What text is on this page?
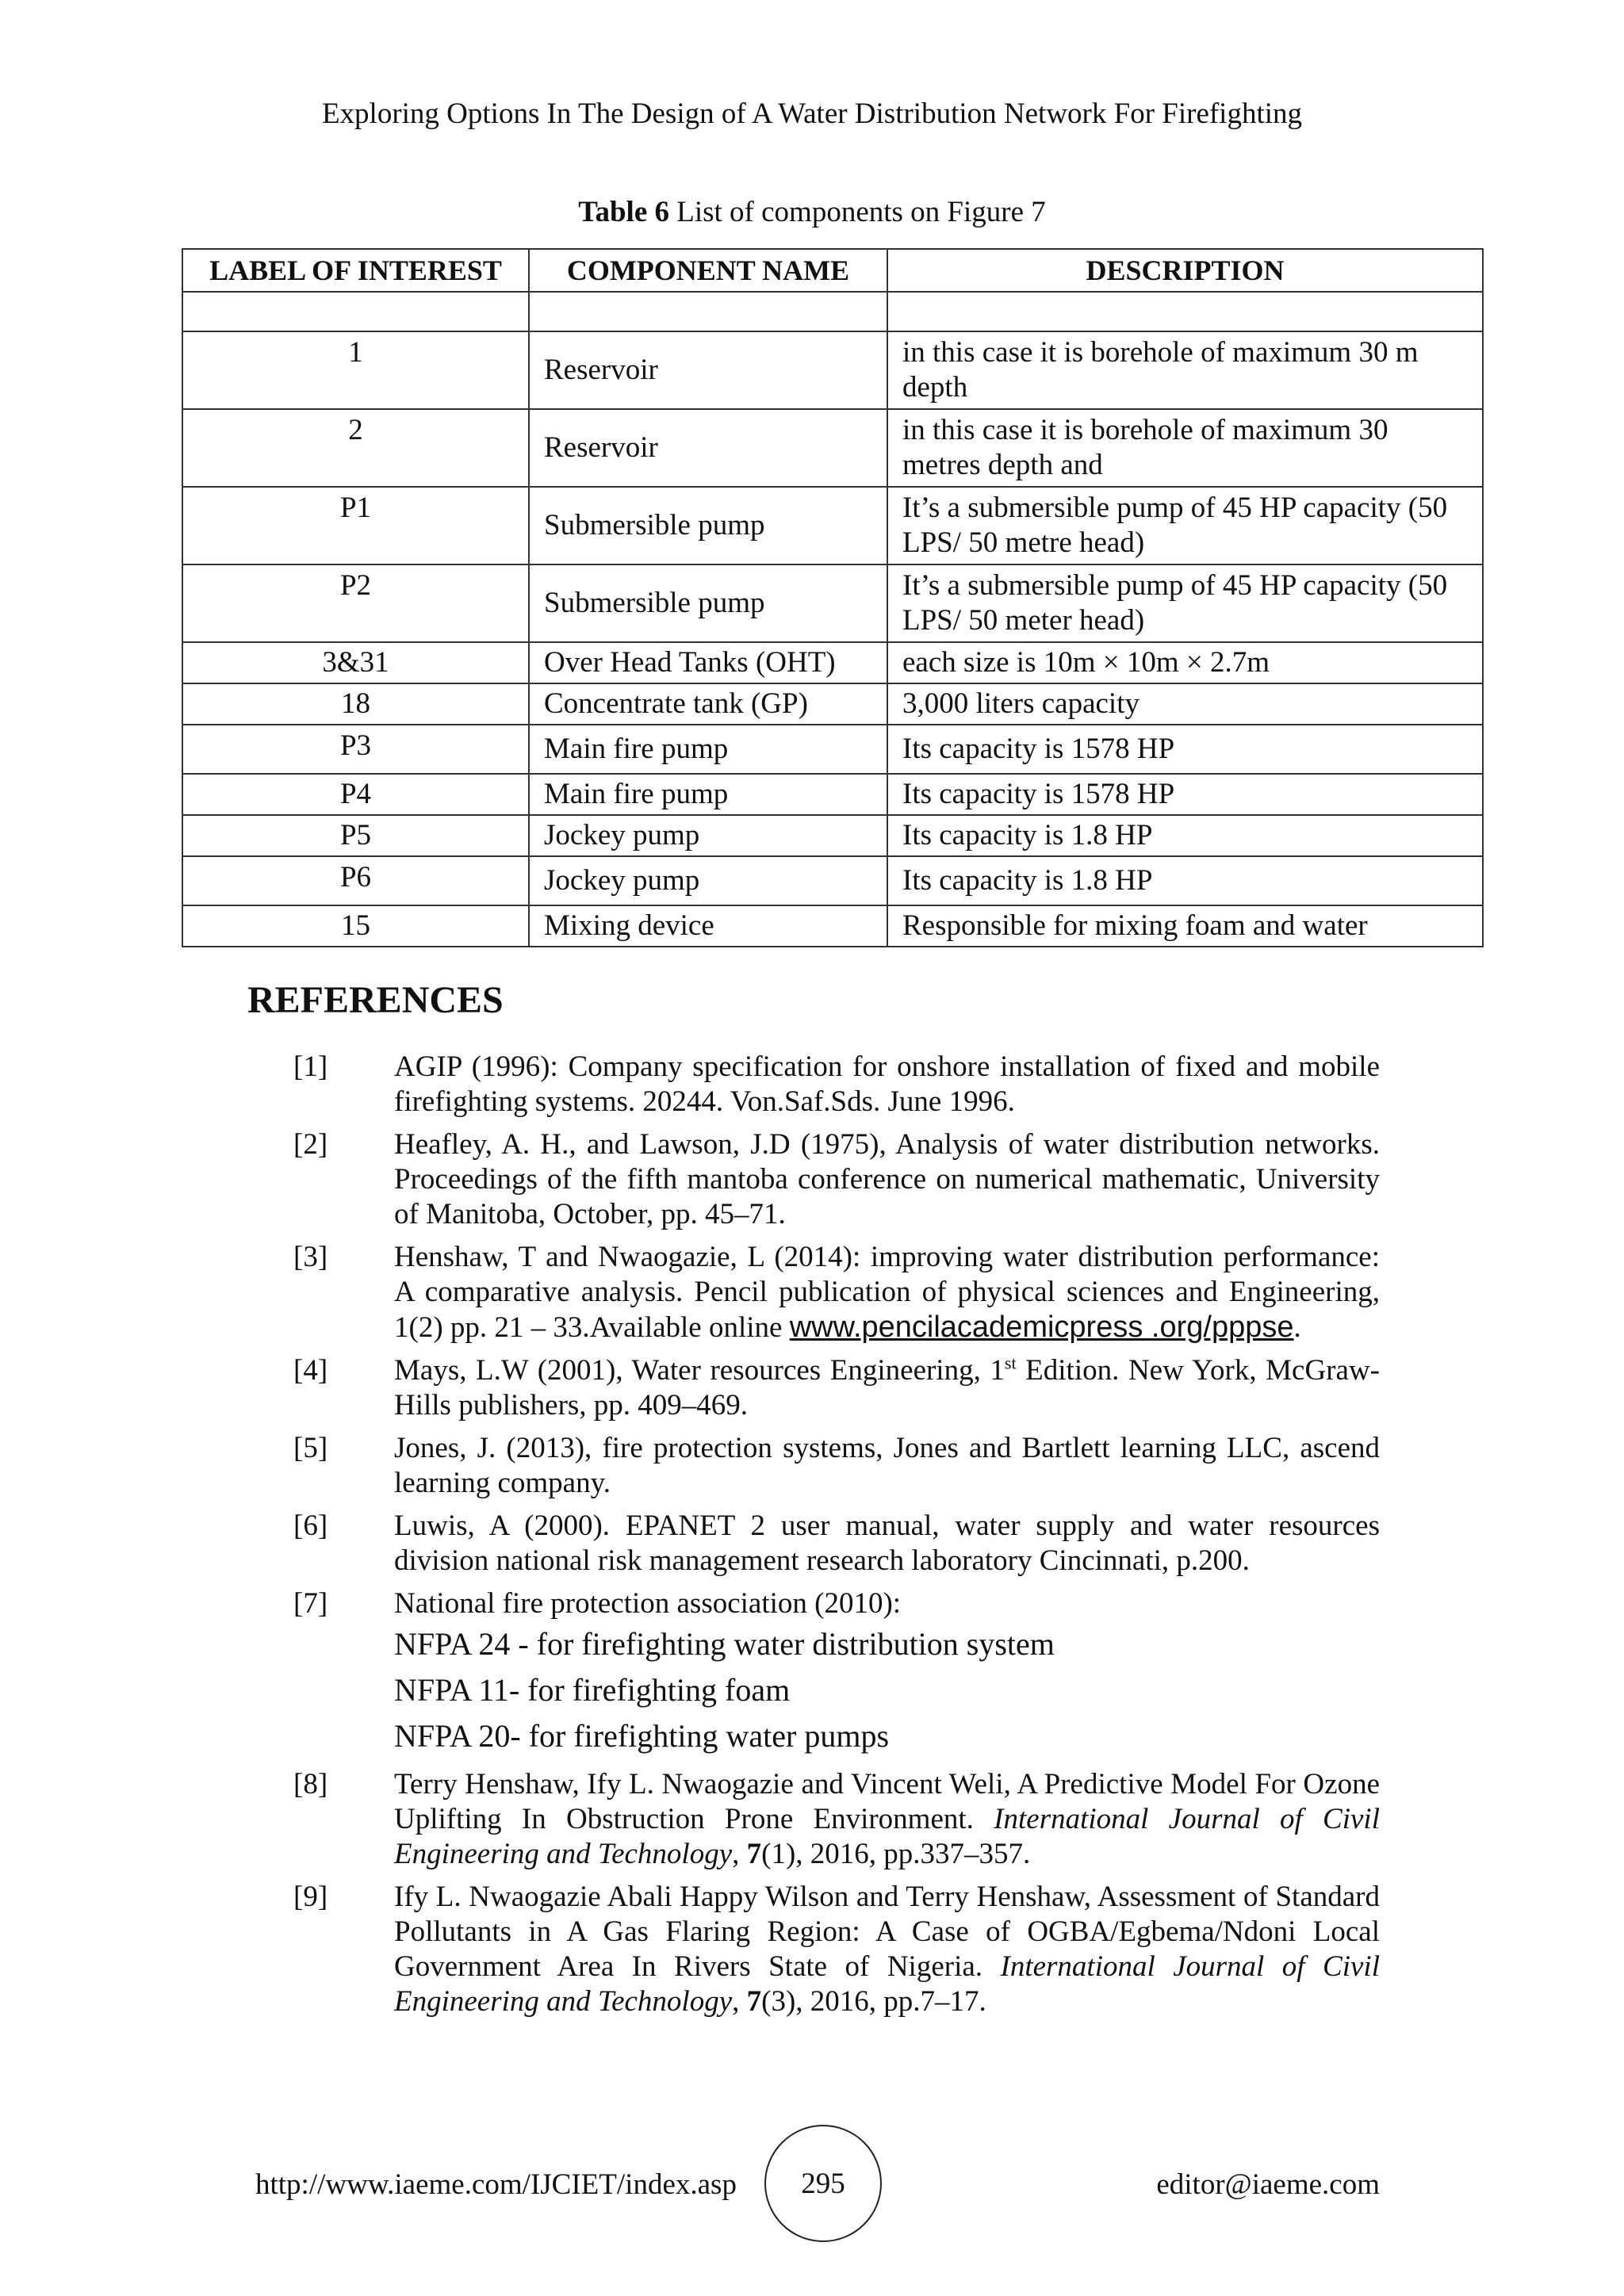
Exploring Options In The Design of A Water Distribution Network For Firefighting
Table 6 List of components on Figure 7
LABEL OF INTEREST	COMPONENT NAME	DESCRIPTION

1	Reservoir	in this case it is borehole of maximum 30 m depth
2	Reservoir	in this case it is borehole of maximum 30 metres depth and
P1	Submersible pump	It’s a submersible pump of 45 HP capacity (50 LPS/ 50 metre head)
P2	Submersible pump	It’s a submersible pump of 45 HP capacity (50 LPS/ 50 meter head)
3&31	Over Head Tanks (OHT)	each size is 10m × 10m × 2.7m
18	Concentrate tank (GP)	3,000 liters capacity
P3	Main fire pump	Its capacity is 1578 HP
P4	Main fire pump	Its capacity is 1578 HP
P5	Jockey pump	Its capacity is 1.8 HP
P6	Jockey pump	Its capacity is 1.8 HP
15	Mixing device	Responsible for mixing foam and water
REFERENCES
[1]	AGIP (1996): Company specification for onshore installation of fixed and mobile firefighting systems. 20244. Von.Saf.Sds. June 1996.
[2]	Heafley, A. H., and Lawson, J.D (1975), Analysis of water distribution networks. Proceedings of the fifth mantoba conference on numerical mathematic, University of Manitoba, October, pp. 45–71.
[3]	Henshaw, T and Nwaogazie, L (2014): improving water distribution performance: A comparative analysis. Pencil publication of physical sciences and Engineering, 1(2) pp. 21 – 33.Available online www.pencilacademicpress .org/pppse.
[4]	Mays, L.W (2001), Water resources Engineering, 1st Edition. New York, McGraw-Hills publishers, pp. 409–469.
[5]	Jones, J. (2013), fire protection systems, Jones and Bartlett learning LLC, ascend learning company.
[6]	Luwis, A (2000). EPANET 2 user manual, water supply and water resources division national risk management research laboratory Cincinnati, p.200.
[7]	National fire protection association (2010):
NFPA 24 - for firefighting water distribution system
NFPA 11- for firefighting foam
NFPA 20- for firefighting water pumps
[8]	Terry Henshaw, Ify L. Nwaogazie and Vincent Weli, A Predictive Model For Ozone Uplifting In Obstruction Prone Environment. International Journal of Civil Engineering and Technology, 7(1), 2016, pp.337–357.
[9]	Ify L. Nwaogazie Abali Happy Wilson and Terry Henshaw, Assessment of Standard Pollutants in A Gas Flaring Region: A Case of OGBA/Egbema/Ndoni Local Government Area In Rivers State of Nigeria. International Journal of Civil Engineering and Technology, 7(3), 2016, pp.7–17.
http://www.iaeme.com/IJCIET/index.asp 295	editor@iaeme.com
